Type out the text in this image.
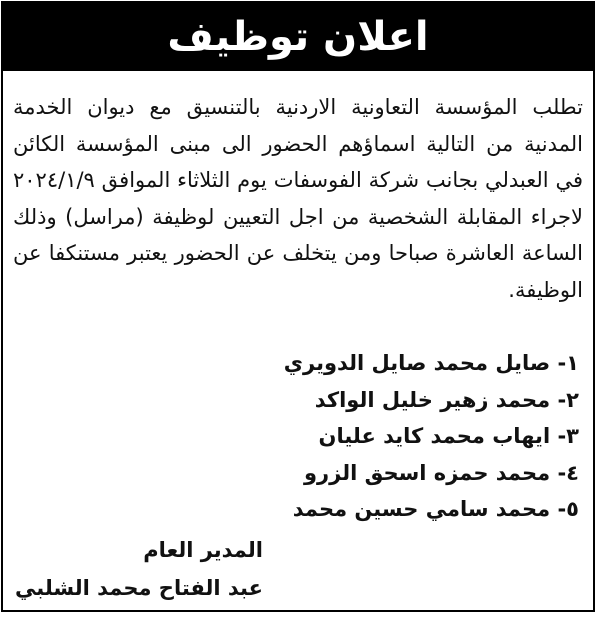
اعلان توظيف
تطلب المؤسسة التعاونية الاردنية بالتنسيق مع ديوان الخدمة المدنية من التالية اسماؤهم الحضور الى مبنى المؤسسة الكائن في العبدلي بجانب شركة الفوسفات يوم الثلاثاء الموافق ٢٠٢٤/١/٩ لاجراء المقابلة الشخصية من اجل التعيين لوظيفة (مراسل) وذلك الساعة العاشرة صباحا ومن يتخلف عن الحضور يعتبر مستنكفا عن الوظيفة.
١- صايل محمد صايل الدويري
٢- محمد زهير خليل الواكد
٣- ايهاب محمد كايد عليان
٤- محمد حمزه اسحق الزرو
٥- محمد سامي حسين محمد
المدير العام
عبد الفتاح محمد الشلبي
